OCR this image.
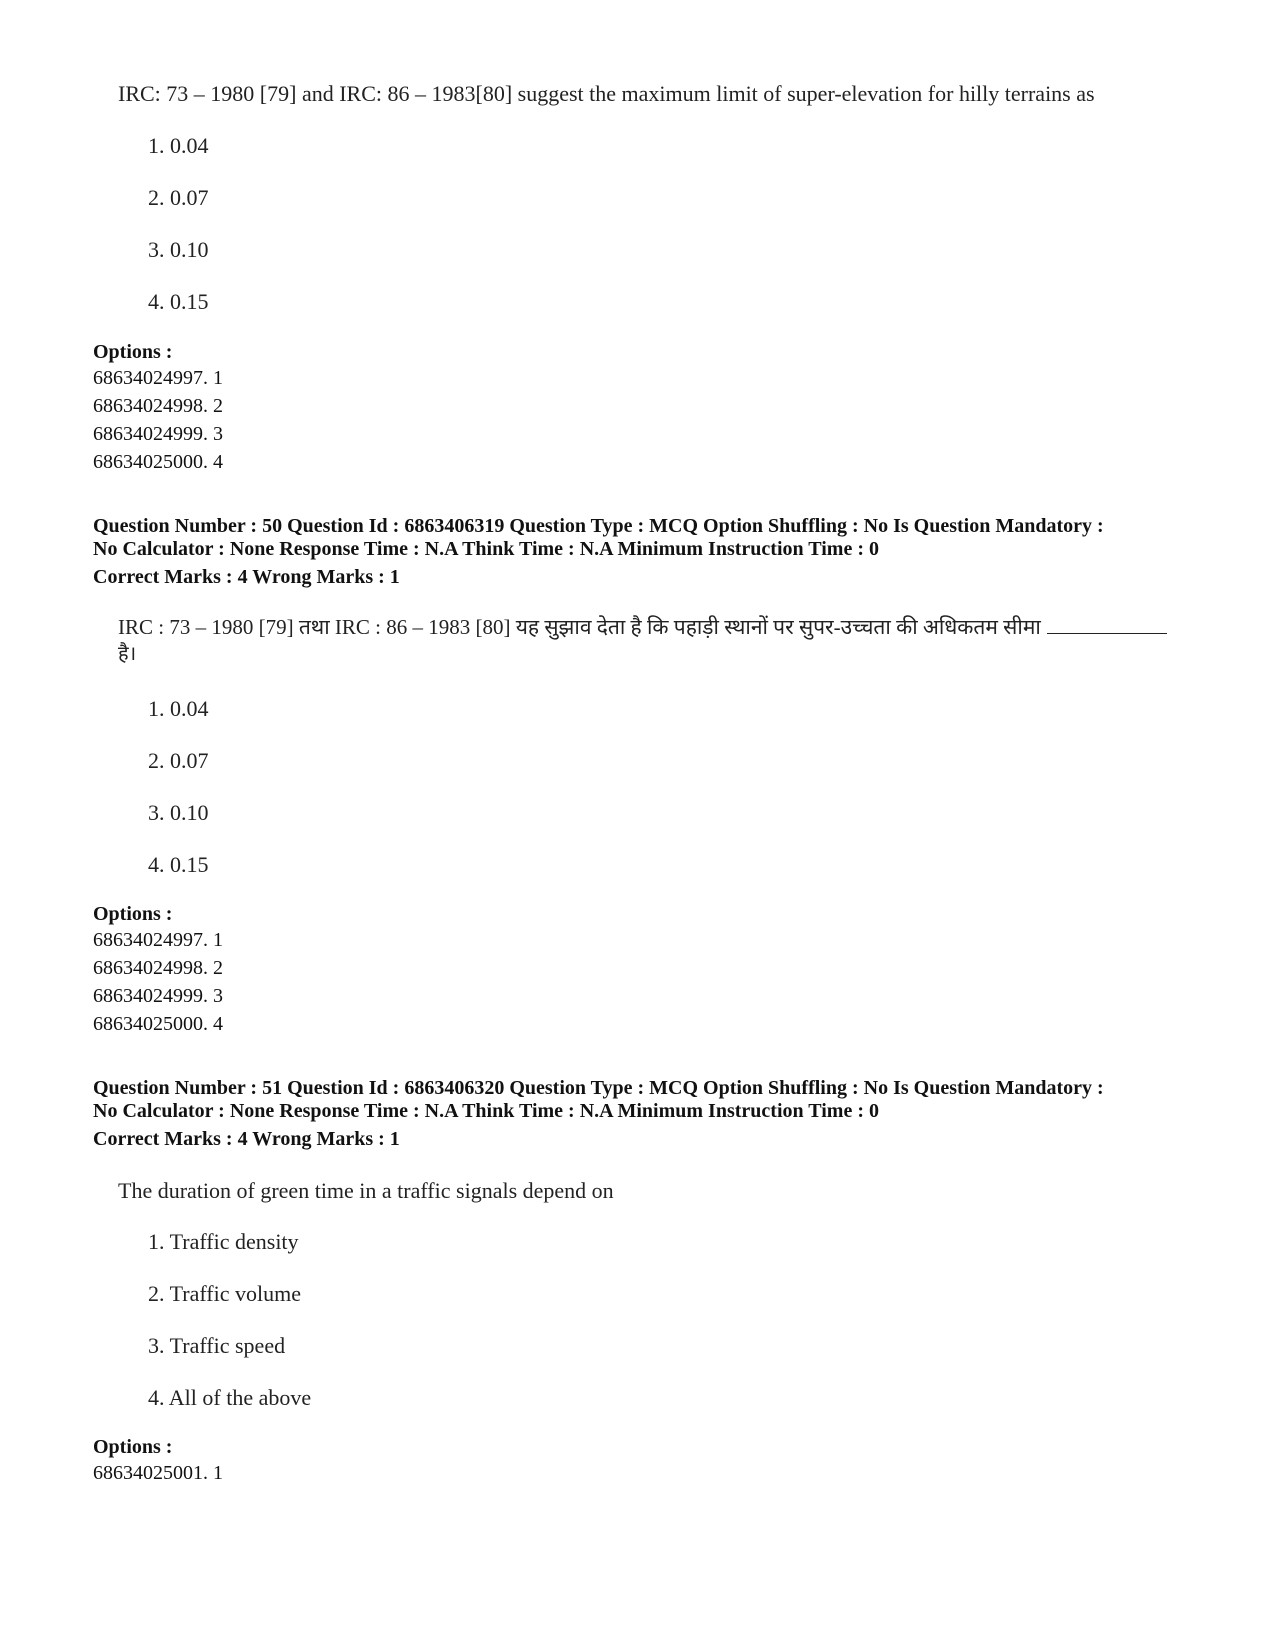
IRC: 73 – 1980 [79] and IRC: 86 – 1983[80] suggest the maximum limit of super-elevation for hilly terrains as
1. 0.04
2. 0.07
3. 0.10
4. 0.15
Options :
68634024997. 1
68634024998. 2
68634024999. 3
68634025000. 4
Question Number : 50 Question Id : 6863406319 Question Type : MCQ Option Shuffling : No Is Question Mandatory :
No Calculator : None Response Time : N.A Think Time : N.A Minimum Instruction Time : 0
Correct Marks : 4 Wrong Marks : 1
IRC : 73 – 1980 [79] तथा IRC : 86 – 1983 [80] यह सुझाव देता है कि पहाड़ी स्थानों पर सुपर-उच्चता की अधिकतम सीमा
है।
1. 0.04
2. 0.07
3. 0.10
4. 0.15
Options :
68634024997. 1
68634024998. 2
68634024999. 3
68634025000. 4
Question Number : 51 Question Id : 6863406320 Question Type : MCQ Option Shuffling : No Is Question Mandatory :
No Calculator : None Response Time : N.A Think Time : N.A Minimum Instruction Time : 0
Correct Marks : 4 Wrong Marks : 1
The duration of green time in a traffic signals depend on
1. Traffic density
2. Traffic volume
3. Traffic speed
4. All of the above
Options :
68634025001. 1
